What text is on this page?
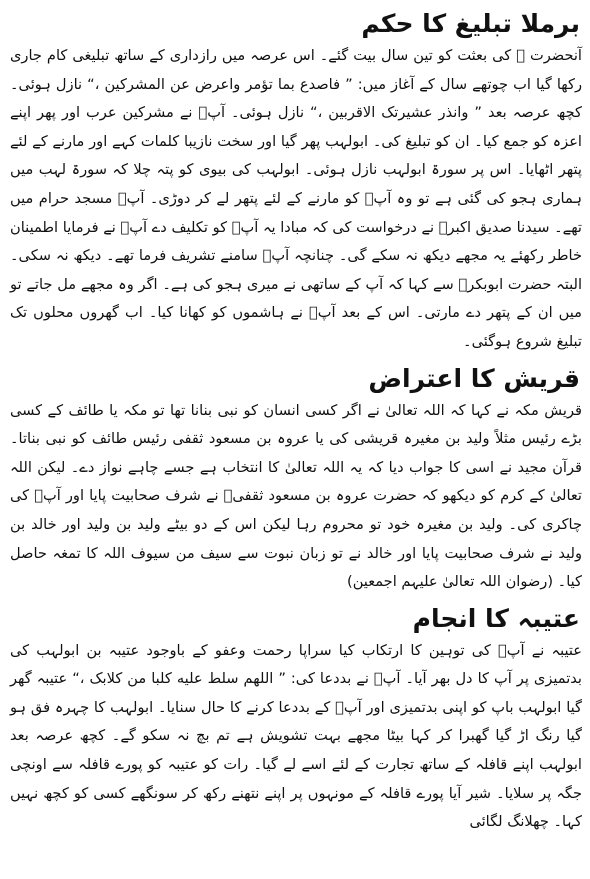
برملا تبلیغ کا حکم

آنحضرت ؐ کی بعثت کو تین سال بیت گئے۔ اس عرصہ میں رازداری کے ساتھ تبلیغی کام جاری رکھا گیا اب چوتھے سال کے آغاز میں: ” فاصدع بما تؤمر واعرض عن المشرکین ،“ نازل ہوئی۔ کچھ عرصہ بعد ” وانذر عشیرتک الاقربین ،“ نازل ہوئی۔ آپؐ نے مشرکین عرب اور پھر اپنے اعزہ کو جمع کیا۔ ان کو تبلیغ کی۔ ابولہب پھر گیا اور سخت نازیبا کلمات کہے اور مارنے کے لئے پتھر اٹھایا۔ اس پر سورۃ ابولہب نازل ہوئی۔ ابولہب کی بیوی کو پتہ چلا کہ سورۃ لہب میں ہماری ہجو کی گئی ہے تو وہ آپؐ کو مارنے کے لئے پتھر لے کر دوڑی۔ آپؐ مسجد حرام میں تھے۔ سیدنا صدیق اکبرؓ نے درخواست کی کہ مبادا یہ آپؐ کو تکلیف دے آپؐ نے فرمایا اطمینان خاطر رکھئے یہ مجھے دیکھ نہ سکے گی۔ چنانچہ آپؐ سامنے تشریف فرما تھے۔ دیکھ نہ سکی۔ البتہ حضرت ابوبکرؓ سے کہا کہ آپ کے ساتھی نے میری ہجو کی ہے۔ اگر وہ مجھے مل جاتے تو میں ان کے پتھر دے مارتی۔ اس کے بعد آپؐ نے ہاشموں کو کھانا کیا۔ اب گھروں محلوں تک تبلیغ شروع ہوگئی۔

قریش کا اعتراض

قریش مکہ نے کہا کہ اللہ تعالیٰ نے اگر کسی انسان کو نبی بنانا تھا تو مکہ یا طائف کے کسی بڑے رئیس مثلاً ولید بن مغیرہ قریشی کی یا عروہ بن مسعود ثقفی رئیس طائف کو نبی بناتا۔ قرآن مجید نے اسی کا جواب دیا کہ یہ اللہ تعالیٰ کا انتخاب ہے جسے چاہے نواز دے۔ لیکن اللہ تعالیٰ کے کرم کو دیکھو کہ حضرت عروہ بن مسعود ثقفیؓ نے شرف صحابیت پایا اور آپؐ کی چاکری کی۔ ولید بن مغیرہ خود تو محروم رہا لیکن اس کے دو بیٹے ولید بن ولید اور خالد بن ولید نے شرف صحابیت پایا اور خالد نے تو زبان نبوت سے سیف من سیوف اللہ کا تمغہ حاصل کیا۔ (رضوان اللہ تعالیٰ علیہم اجمعین)

عتیبہ کا انجام

عتیبہ نے آپؐ کی توہین کا ارتکاب کیا سراپا رحمت وعفو کے باوجود عتیبہ بن ابولہب کی بدتمیزی پر آپ کا دل بھر آیا۔ آپؐ نے بددعا کی: ” اللھم سلط علیه کلبا من کلابک ،“ عتیبہ گھر گیا ابولہب باپ کو اپنی بدتمیزی اور آپؐ کے بددعا کرنے کا حال سنایا۔ ابولہب کا چہرہ فق ہو گیا رنگ اڑ گیا گھبرا کر کہا بیٹا مجھے بہت تشویش ہے تم بچ نہ سکو گے۔ کچھ عرصہ بعد ابولہب اپنے قافلہ کے ساتھ تجارت کے لئے اسے لے گیا۔ رات کو عتیبہ کو پورے قافلہ سے اونچی جگہ پر سلایا۔ شیر آیا پورے قافلہ کے مونہوں پر اپنے نتھنے رکھ کر سونگھے کسی کو کچھ نہیں کہا۔ چھلانگ لگائی
